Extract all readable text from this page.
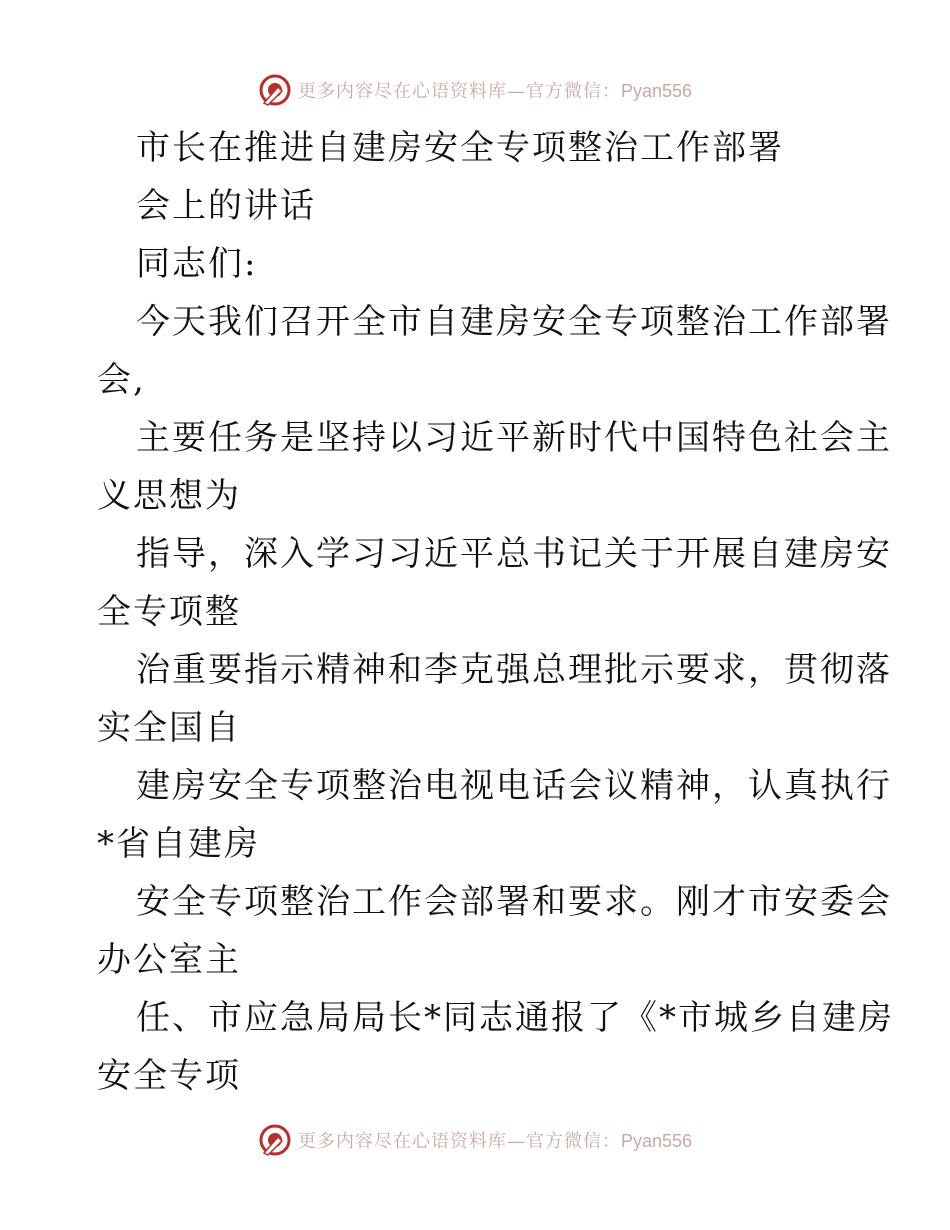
更多内容尽在心语资料库—官方微信：Pyan556
更多内容尽在心语资料库—官方微信：Pyan556
市长在推进自建房安全专项整治工作部署
会上的讲话
同志们:
今天我们召开全市自建房安全专项整治工作部署
会,
主要任务是坚持以习近平新时代中国特色社会主
义思想为
指导，深入学习习近平总书记关于开展自建房安
全专项整
治重要指示精神和李克强总理批示要求，贯彻落
实全国自
建房安全专项整治电视电话会议精神，认真执行
*省自建房
安全专项整治工作会部署和要求。刚才市安委会
办公室主
任、市应急局局长*同志通报了《*市城乡自建房
安全专项
